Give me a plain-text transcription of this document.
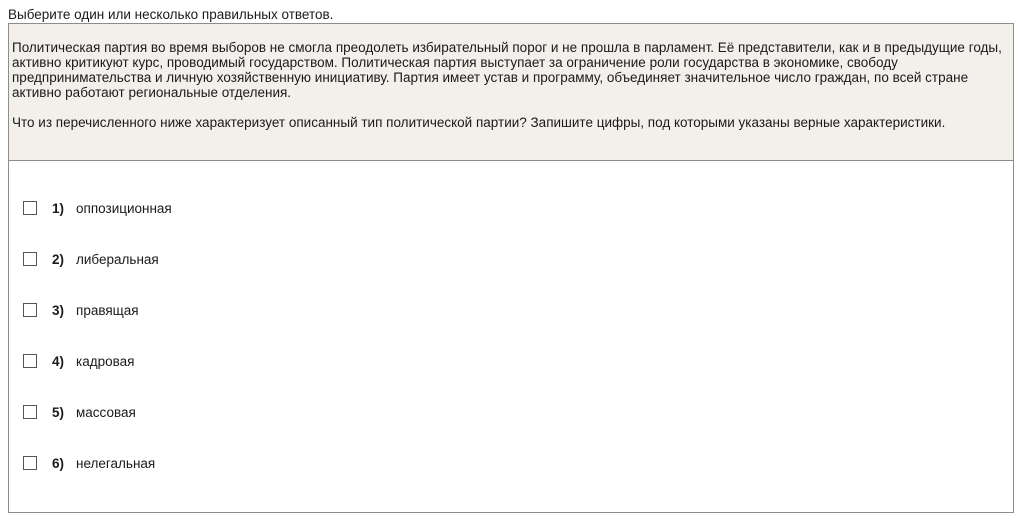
Выберите один или несколько правильных ответов.

Политическая партия во время выборов не смогла преодолеть избирательный порог и не прошла в парламент. Её представители, как и в предыдущие годы, активно критикуют курс, проводимый государством. Политическая партия выступает за ограничение роли государства в экономике, свободу предпринимательства и личную хозяйственную инициативу. Партия имеет устав и программу, объединяет значительное число граждан, по всей стране активно работают региональные отделения.

Что из перечисленного ниже характеризует описанный тип политической партии? Запишите цифры, под которыми указаны верные характеристики.

1) оппозиционная
2) либеральная
3) правящая
4) кадровая
5) массовая
6) нелегальная
